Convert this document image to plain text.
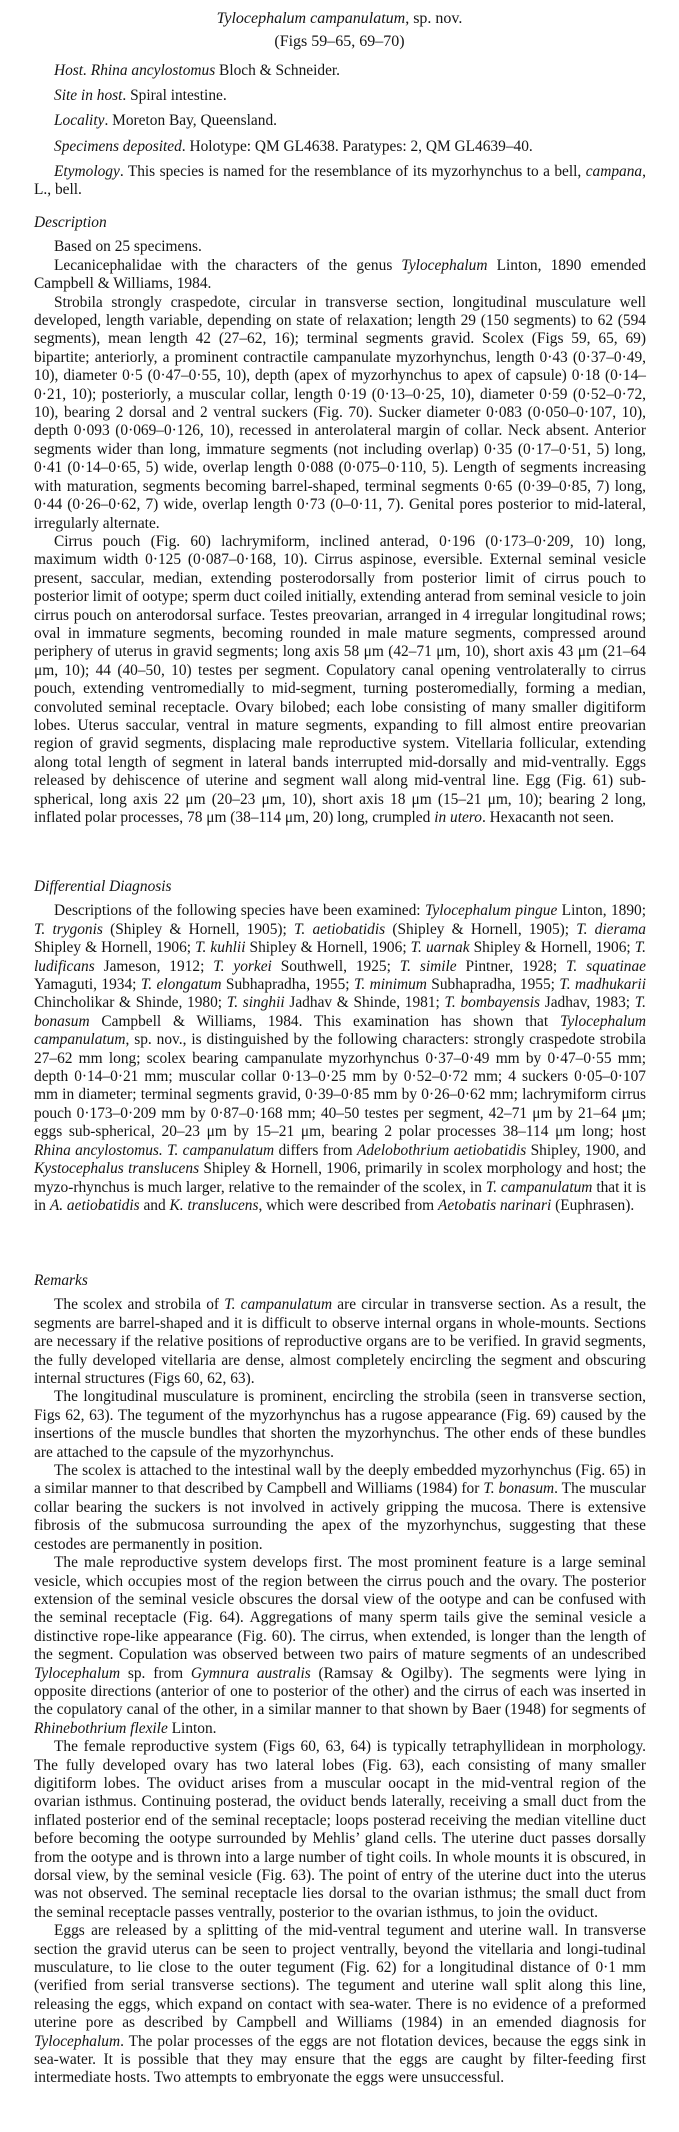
Tylocephalum campanulatum, sp. nov.
(Figs 59–65, 69–70)

Host. Rhina ancylostomus Bloch & Schneider.

Site in host. Spiral intestine.

Locality. Moreton Bay, Queensland.

Specimens deposited. Holotype: QM GL4638. Paratypes: 2, QM GL4639–40.

Etymology. This species is named for the resemblance of its myzorhynchus to a bell, campana, L., bell.

Description

Based on 25 specimens.

Lecanicephalidae with the characters of the genus Tylocephalum Linton, 1890 emended Campbell & Williams, 1984.

Strobila strongly craspedote, circular in transverse section, longitudinal musculature well developed, length variable, depending on state of relaxation; length 29 (150 segments) to 62 (594 segments), mean length 42 (27–62, 16); terminal segments gravid. Scolex (Figs 59, 65, 69) bipartite; anteriorly, a prominent contractile campanulate myzorhynchus, length 0·43 (0·37–0·49, 10), diameter 0·5 (0·47–0·55, 10), depth (apex of myzorhynchus to apex of capsule) 0·18 (0·14–0·21, 10); posteriorly, a muscular collar, length 0·19 (0·13–0·25, 10), diameter 0·59 (0·52–0·72, 10), bearing 2 dorsal and 2 ventral suckers (Fig. 70). Sucker diameter 0·083 (0·050–0·107, 10), depth 0·093 (0·069–0·126, 10), recessed in anterolateral margin of collar. Neck absent. Anterior segments wider than long, immature segments (not including overlap) 0·35 (0·17–0·51, 5) long, 0·41 (0·14–0·65, 5) wide, overlap length 0·088 (0·075–0·110, 5). Length of segments increasing with maturation, segments becoming barrel-shaped, terminal segments 0·65 (0·39–0·85, 7) long, 0·44 (0·26–0·62, 7) wide, overlap length 0·73 (0–0·11, 7). Genital pores posterior to mid-lateral, irregularly alternate.

Cirrus pouch (Fig. 60) lachrymiform, inclined anterad, 0·196 (0·173–0·209, 10) long, maximum width 0·125 (0·087–0·168, 10). Cirrus aspinose, eversible. External seminal vesicle present, saccular, median, extending posterodorsally from posterior limit of cirrus pouch to posterior limit of ootype; sperm duct coiled initially, extending anterad from seminal vesicle to join cirrus pouch on anterodorsal surface. Testes preovarian, arranged in 4 irregular longitudinal rows; oval in immature segments, becoming rounded in male mature segments, compressed around periphery of uterus in gravid segments; long axis 58 μm (42–71 μm, 10), short axis 43 μm (21–64 μm, 10); 44 (40–50, 10) testes per segment. Copulatory canal opening ventrolaterally to cirrus pouch, extending ventromedially to mid-segment, turning posteromedially, forming a median, convoluted seminal receptacle. Ovary bilobed; each lobe consisting of many smaller digitiform lobes. Uterus saccular, ventral in mature segments, expanding to fill almost entire preovarian region of gravid segments, displacing male reproductive system. Vitellaria follicular, extending along total length of segment in lateral bands interrupted mid-dorsally and mid-ventrally. Eggs released by dehiscence of uterine and segment wall along mid-ventral line. Egg (Fig. 61) sub-spherical, long axis 22 μm (20–23 μm, 10), short axis 18 μm (15–21 μm, 10); bearing 2 long, inflated polar processes, 78 μm (38–114 μm, 20) long, crumpled in utero. Hexacanth not seen.

Differential Diagnosis

Descriptions of the following species have been examined: Tylocephalum pingue Linton, 1890; T. trygonis (Shipley & Hornell, 1905); T. aetiobatidis (Shipley & Hornell, 1905); T. dierama Shipley & Hornell, 1906; T. kuhlii Shipley & Hornell, 1906; T. uarnak Shipley & Hornell, 1906; T. ludificans Jameson, 1912; T. yorkei Southwell, 1925; T. simile Pintner, 1928; T. squatinae Yamaguti, 1934; T. elongatum Subhapradha, 1955; T. minimum Subhapradha, 1955; T. madhukarii Chincholikar & Shinde, 1980; T. singhii Jadhav & Shinde, 1981; T. bombayensis Jadhav, 1983; T. bonasum Campbell & Williams, 1984. This examination has shown that Tylocephalum campanulatum, sp. nov., is distinguished by the following characters: strongly craspedote strobila 27–62 mm long; scolex bearing campanulate myzorhynchus 0·37–0·49 mm by 0·47–0·55 mm; depth 0·14–0·21 mm; muscular collar 0·13–0·25 mm by 0·52–0·72 mm; 4 suckers 0·05–0·107 mm in diameter; terminal segments gravid, 0·39–0·85 mm by 0·26–0·62 mm; lachrymiform cirrus pouch 0·173–0·209 mm by 0·87–0·168 mm; 40–50 testes per segment, 42–71 μm by 21–64 μm; eggs sub-spherical, 20–23 μm by 15–21 μm, bearing 2 polar processes 38–114 μm long; host Rhina ancylostomus. T. campanulatum differs from Adelobothrium aetiobatidis Shipley, 1900, and Kystocephalus translucens Shipley & Hornell, 1906, primarily in scolex morphology and host; the myzo-rhynchus is much larger, relative to the remainder of the scolex, in T. campanulatum that it is in A. aetiobatidis and K. translucens, which were described from Aetobatis narinari (Euphrasen).

Remarks

The scolex and strobila of T. campanulatum are circular in transverse section. As a result, the segments are barrel-shaped and it is difficult to observe internal organs in whole-mounts. Sections are necessary if the relative positions of reproductive organs are to be verified. In gravid segments, the fully developed vitellaria are dense, almost completely encircling the segment and obscuring internal structures (Figs 60, 62, 63).

The longitudinal musculature is prominent, encircling the strobila (seen in transverse section, Figs 62, 63). The tegument of the myzorhynchus has a rugose appearance (Fig. 69) caused by the insertions of the muscle bundles that shorten the myzorhynchus. The other ends of these bundles are attached to the capsule of the myzorhynchus.

The scolex is attached to the intestinal wall by the deeply embedded myzorhynchus (Fig. 65) in a similar manner to that described by Campbell and Williams (1984) for T. bonasum. The muscular collar bearing the suckers is not involved in actively gripping the mucosa. There is extensive fibrosis of the submucosa surrounding the apex of the myzorhynchus, suggesting that these cestodes are permanently in position.

The male reproductive system develops first. The most prominent feature is a large seminal vesicle, which occupies most of the region between the cirrus pouch and the ovary. The posterior extension of the seminal vesicle obscures the dorsal view of the ootype and can be confused with the seminal receptacle (Fig. 64). Aggregations of many sperm tails give the seminal vesicle a distinctive rope-like appearance (Fig. 60). The cirrus, when extended, is longer than the length of the segment. Copulation was observed between two pairs of mature segments of an undescribed Tylocephalum sp. from Gymnura australis (Ramsay & Ogilby). The segments were lying in opposite directions (anterior of one to posterior of the other) and the cirrus of each was inserted in the copulatory canal of the other, in a similar manner to that shown by Baer (1948) for segments of Rhinebothrium flexile Linton.

The female reproductive system (Figs 60, 63, 64) is typically tetraphyllidean in morphology. The fully developed ovary has two lateral lobes (Fig. 63), each consisting of many smaller digitiform lobes. The oviduct arises from a muscular oocapt in the mid-ventral region of the ovarian isthmus. Continuing posterad, the oviduct bends laterally, receiving a small duct from the inflated posterior end of the seminal receptacle; loops posterad receiving the median vitelline duct before becoming the ootype surrounded by Mehlis’ gland cells. The uterine duct passes dorsally from the ootype and is thrown into a large number of tight coils. In whole mounts it is obscured, in dorsal view, by the seminal vesicle (Fig. 63). The point of entry of the uterine duct into the uterus was not observed. The seminal receptacle lies dorsal to the ovarian isthmus; the small duct from the seminal receptacle passes ventrally, posterior to the ovarian isthmus, to join the oviduct.

Eggs are released by a splitting of the mid-ventral tegument and uterine wall. In transverse section the gravid uterus can be seen to project ventrally, beyond the vitellaria and longi-tudinal musculature, to lie close to the outer tegument (Fig. 62) for a longitudinal distance of 0·1 mm (verified from serial transverse sections). The tegument and uterine wall split along this line, releasing the eggs, which expand on contact with sea-water. There is no evidence of a preformed uterine pore as described by Campbell and Williams (1984) in an emended diagnosis for Tylocephalum. The polar processes of the eggs are not flotation devices, because the eggs sink in sea-water. It is possible that they may ensure that the eggs are caught by filter-feeding first intermediate hosts. Two attempts to embryonate the eggs were unsuccessful.
